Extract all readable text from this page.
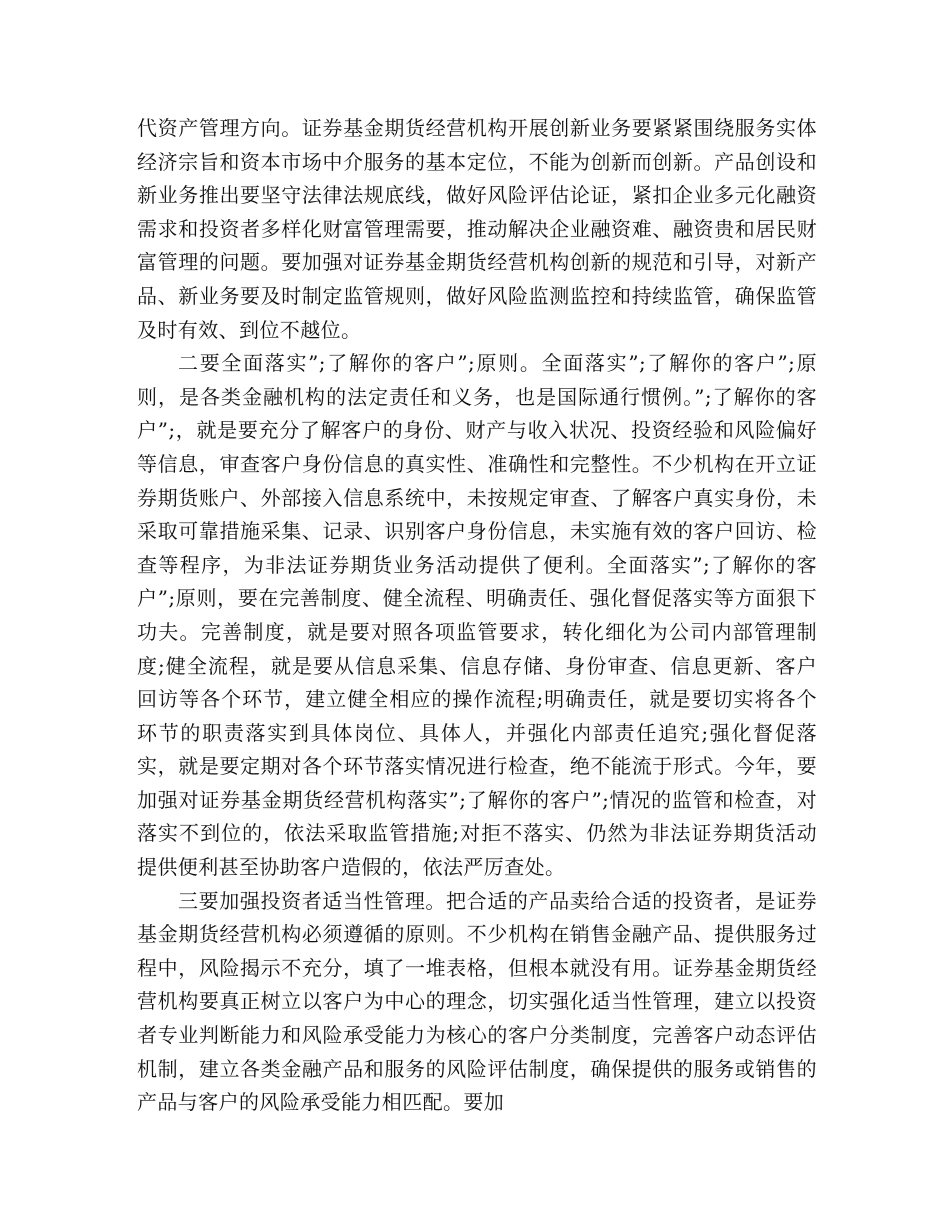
代资产管理方向。证券基金期货经营机构开展创新业务要紧紧围绕服务实体经济宗旨和资本市场中介服务的基本定位，不能为创新而创新。产品创设和新业务推出要坚守法律法规底线，做好风险评估论证，紧扣企业多元化融资需求和投资者多样化财富管理需要，推动解决企业融资难、融资贵和居民财富管理的问题。要加强对证券基金期货经营机构创新的规范和引导，对新产品、新业务要及时制定监管规则，做好风险监测监控和持续监管，确保监管及时有效、到位不越位。

二要全面落实”;了解你的客户”;原则。全面落实”;了解你的客户”;原则，是各类金融机构的法定责任和义务，也是国际通行惯例。”;了解你的客户”;，就是要充分了解客户的身份、财产与收入状况、投资经验和风险偏好等信息，审查客户身份信息的真实性、准确性和完整性。不少机构在开立证券期货账户、外部接入信息系统中，未按规定审查、了解客户真实身份，未采取可靠措施采集、记录、识别客户身份信息，未实施有效的客户回访、检查等程序，为非法证券期货业务活动提供了便利。全面落实”;了解你的客户”;原则，要在完善制度、健全流程、明确责任、强化督促落实等方面狠下功夫。完善制度，就是要对照各项监管要求，转化细化为公司内部管理制度;健全流程，就是要从信息采集、信息存储、身份审查、信息更新、客户回访等各个环节，建立健全相应的操作流程;明确责任，就是要切实将各个环节的职责落实到具体岗位、具体人，并强化内部责任追究;强化督促落实，就是要定期对各个环节落实情况进行检查，绝不能流于形式。今年，要加强对证券基金期货经营机构落实”;了解你的客户”;情况的监管和检查，对落实不到位的，依法采取监管措施;对拒不落实、仍然为非法证券期货活动提供便利甚至协助客户造假的，依法严厉查处。

三要加强投资者适当性管理。把合适的产品卖给合适的投资者，是证券基金期货经营机构必须遵循的原则。不少机构在销售金融产品、提供服务过程中，风险揭示不充分，填了一堆表格，但根本就没有用。证券基金期货经营机构要真正树立以客户为中心的理念，切实强化适当性管理，建立以投资者专业判断能力和风险承受能力为核心的客户分类制度，完善客户动态评估机制，建立各类金融产品和服务的风险评估制度，确保提供的服务或销售的产品与客户的风险承受能力相匹配。要加
